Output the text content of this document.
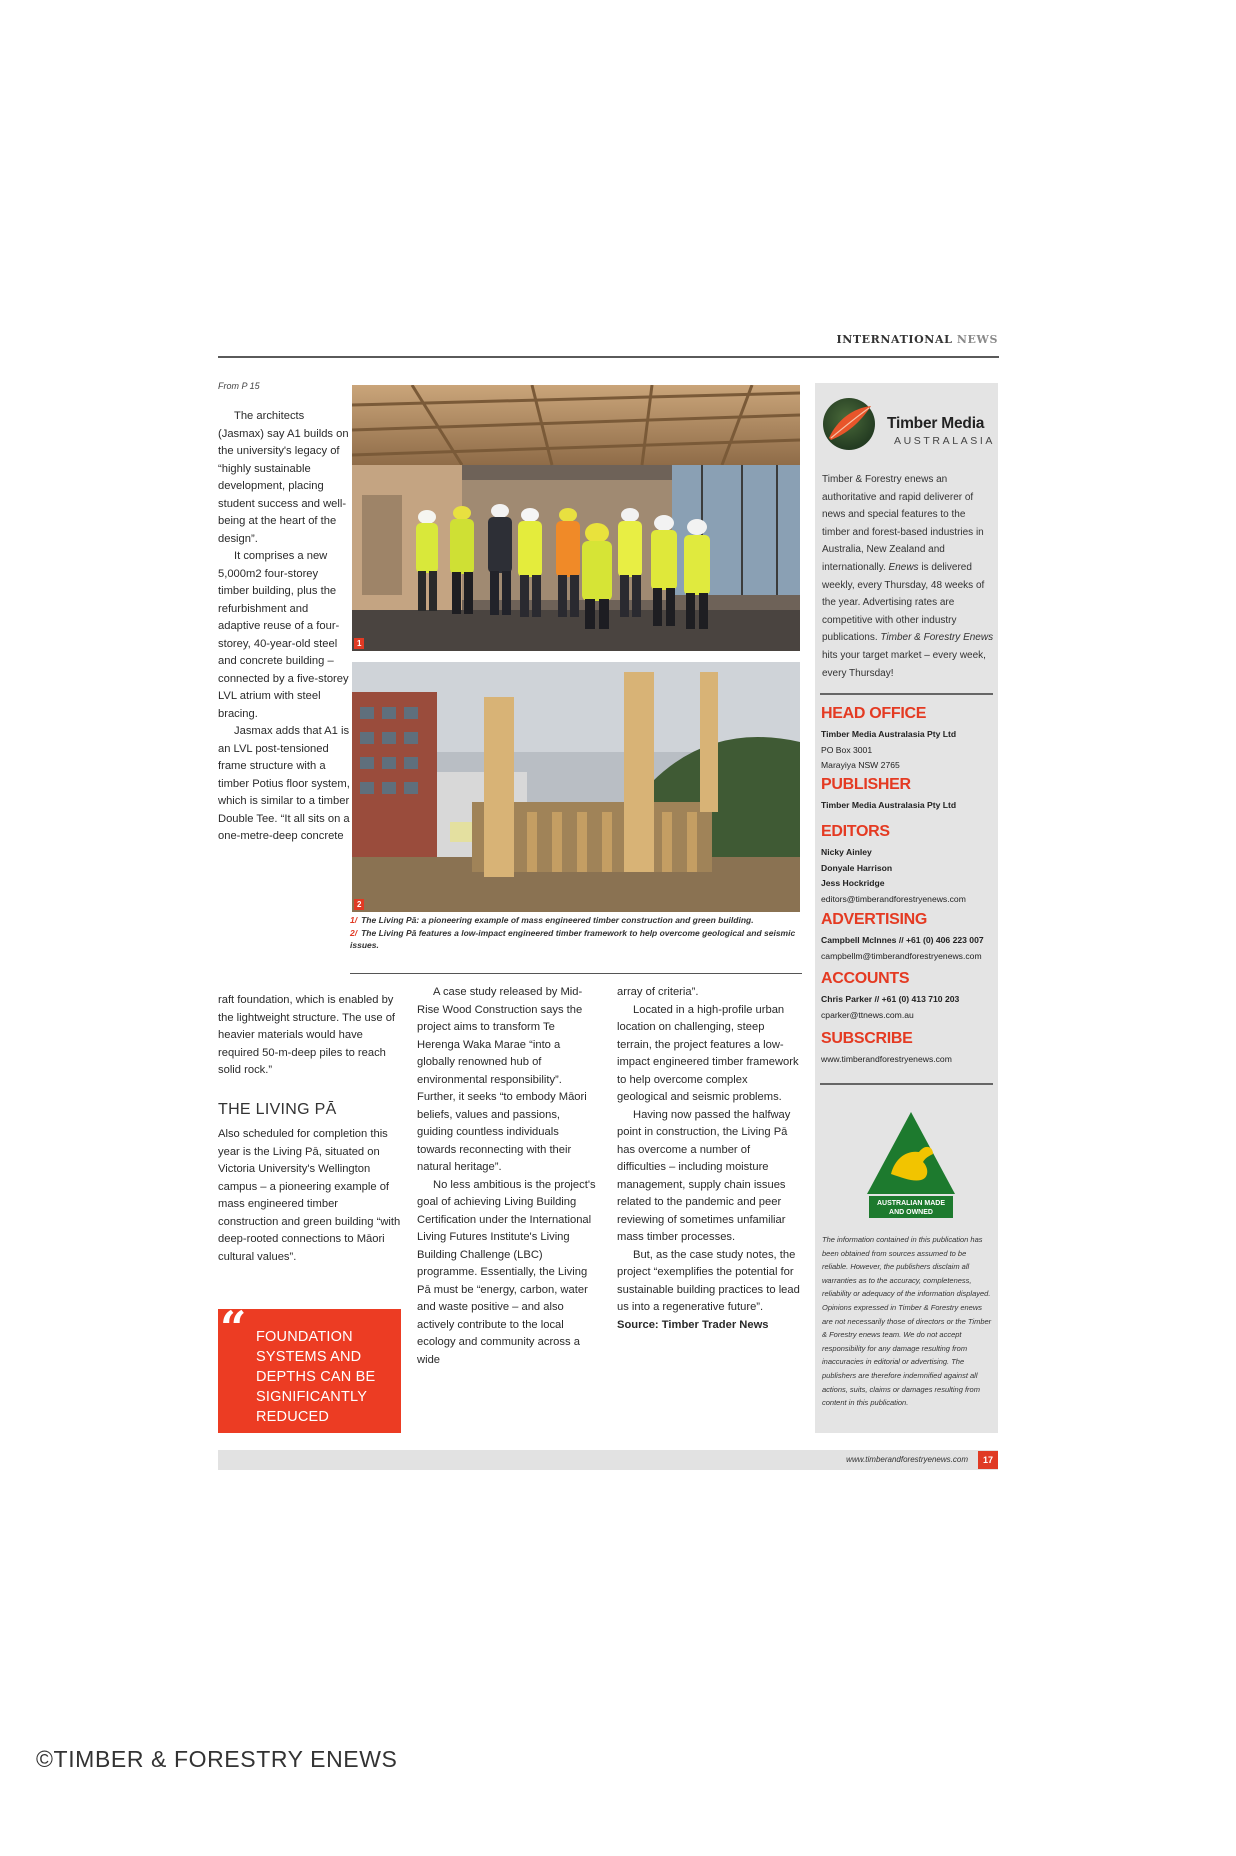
INTERNATIONAL NEWS
From P 15

The architects (Jasmax) say A1 builds on the university's legacy of “highly sustainable development, placing student success and well-being at the heart of the design”.

It comprises a new 5,000m2 four-storey timber building, plus the refurbishment and adaptive reuse of a four-storey, 40-year-old steel and concrete building – connected by a five-storey LVL atrium with steel bracing.

Jasmax adds that A1 is an LVL post-tensioned frame structure with a timber Potius floor system, which is similar to a timber Double Tee. “It all sits on a one-metre-deep concrete

raft foundation, which is enabled by the lightweight structure. The use of heavier materials would have required 50-m-deep piles to reach solid rock.”

THE LIVING PĀ

Also scheduled for completion this year is the Living Pā, situated on Victoria University's Wellington campus – a pioneering example of mass engineered timber construction and green building “with deep-rooted connections to Māori cultural values”.

1
2
1/ The Living Pā: a pioneering example of mass engineered timber construction and green building.
2/ The Living Pā features a low-impact engineered timber framework to help overcome geological and seismic issues.

A case study released by Mid-Rise Wood Construction says the project aims to transform Te Herenga Waka Marae “into a globally renowned hub of environmental responsibility”. Further, it seeks “to embody Māori beliefs, values and passions, guiding countless individuals towards reconnecting with their natural heritage”.

No less ambitious is the project's goal of achieving Living Building Certification under the International Living Futures Institute's Living Building Challenge (LBC) programme. Essentially, the Living Pā must be “energy, carbon, water and waste positive – and also actively contribute to the local ecology and community across a wide

array of criteria”.

Located in a high-profile urban location on challenging, steep terrain, the project features a low-impact engineered timber framework to help overcome complex geological and seismic problems.

Having now passed the halfway point in construction, the Living Pā has overcome a number of difficulties – including moisture management, supply chain issues related to the pandemic and peer reviewing of sometimes unfamiliar mass timber processes.

But, as the case study notes, the project “exemplifies the potential for sustainable building practices to lead us into a regenerative future”.

Source: Timber Trader News

“ FOUNDATION SYSTEMS AND DEPTHS CAN BE SIGNIFICANTLY REDUCED
Timber Media
AUSTRALASIA
Timber & Forestry enews an authoritative and rapid deliverer of news and special features to the timber and forest-based industries in Australia, New Zealand and internationally. Enews is delivered weekly, every Thursday, 48 weeks of the year. Advertising rates are competitive with other industry publications. Timber & Forestry Enews hits your target market – every week, every Thursday!
HEAD OFFICE
Timber Media Australasia Pty Ltd
PO Box 3001
Marayiya NSW 2765
PUBLISHER
Timber Media Australasia Pty Ltd
EDITORS
Nicky Ainley
Donyale Harrison
Jess Hockridge
editors@timberandforestryenews.com
ADVERTISING
Campbell McInnes // +61 (0) 406 223 007
campbellm@timberandforestryenews.com
ACCOUNTS
Chris Parker // +61 (0) 413 710 203
cparker@ttnews.com.au
SUBSCRIBE
www.timberandforestryenews.com
AUSTRALIAN MADE
AND OWNED
The information contained in this publication has been obtained from sources assumed to be reliable. However, the publishers disclaim all warranties as to the accuracy, completeness, reliability or adequacy of the information displayed. Opinions expressed in Timber & Forestry enews are not necessarily those of directors or the Timber & Forestry enews team. We do not accept responsibility for any damage resulting from inaccuracies in editorial or advertising. The publishers are therefore indemnified against all actions, suits, claims or damages resulting from content in this publication.
www.timberandforestryenews.com	17
©TIMBER & FORESTRY ENEWS
